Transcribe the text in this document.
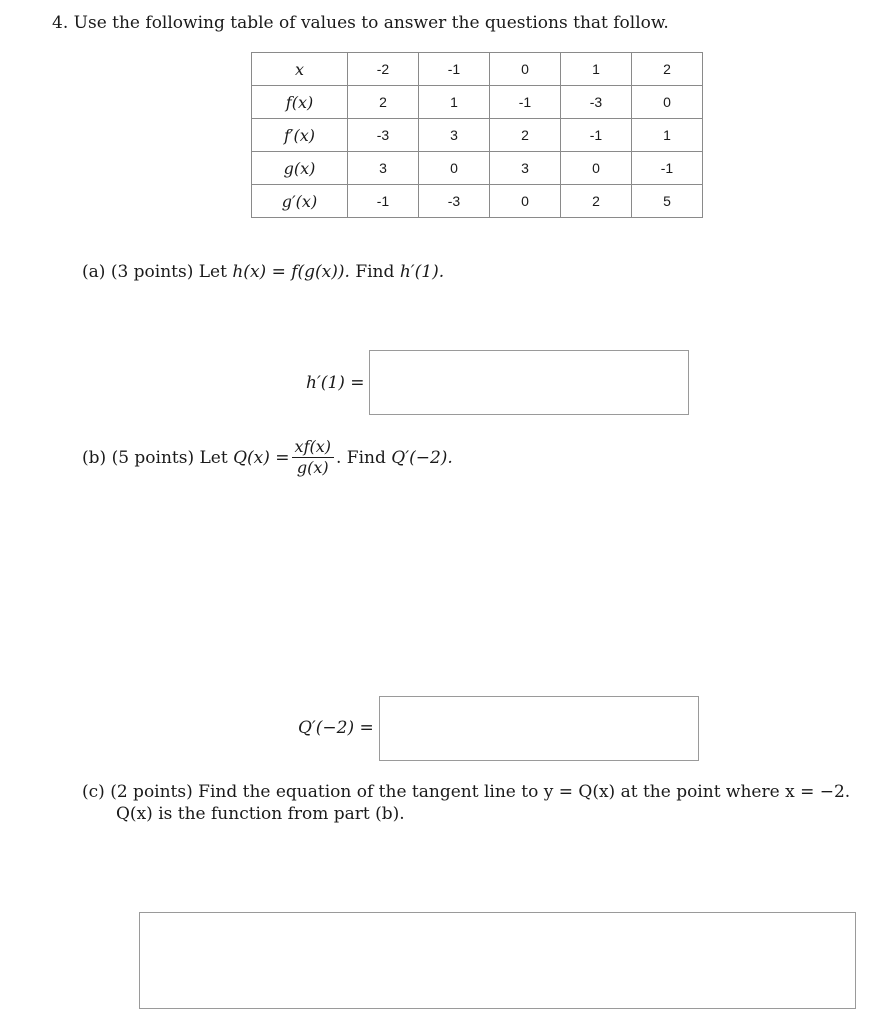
4. Use the following table of values to answer the questions that follow.
x	-2	-1	0	1	2
f(x)	2	1	-1	-3	0
f′(x)	-3	3	2	-1	1
g(x)	3	0	3	0	-1
g′(x)	-1	-3	0	2	5
(a) (3 points) Let h(x) = f(g(x)). Find h′(1).
h′(1) =
(b)
(5 points)
Let
$Q(x) = \frac{xf(x)}{g(x)}$ . Find
Q′(−2).
Q′(−2) =
(c) (2 points) Find the equation of the tangent line to y = Q(x) at the point where x = −2.
Q(x) is the function from part (b).
